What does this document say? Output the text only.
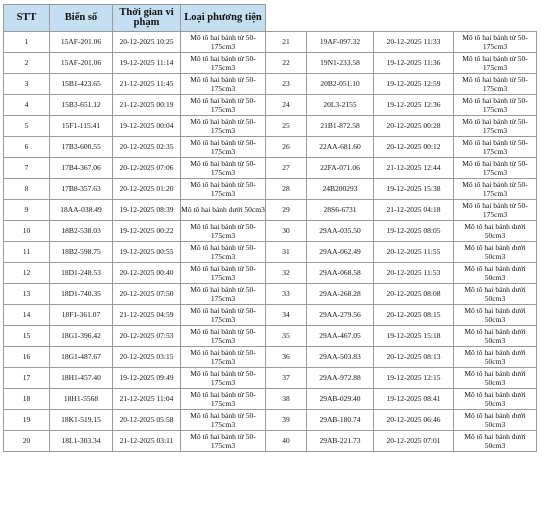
STT	Biển số	Thời gian vi phạm	Loại phương tiện				
1	15AF-201.06	20-12-2025 10:25	Mô tô hai bánh từ 50-175cm3	21	19AF-097.32	20-12-2025 11:33	Mô tô hai bánh từ 50-175cm3
2	15AF-201.06	19-12-2025 11:14	Mô tô hai bánh từ 50-175cm3	22	19N1-233.58	19-12-2025 11:36	Mô tô hai bánh từ 50-175cm3
3	15B1-423.65	21-12-2025 11:45	Mô tô hai bánh từ 50-175cm3	23	20B2-051.10	19-12-2025 12:59	Mô tô hai bánh từ 50-175cm3
4	15B3-651.12	21-12-2025 00:19	Mô tô hai bánh từ 50-175cm3	24	20L3-2155	19-12-2025 12:36	Mô tô hai bánh từ 50-175cm3
5	15F1-115.41	19-12-2025 00:04	Mô tô hai bánh từ 50-175cm3	25	21B1-872.58	20-12-2025 00:28	Mô tô hai bánh từ 50-175cm3
6	17B3-600.55	20-12-2025 02:35	Mô tô hai bánh từ 50-175cm3	26	22AA-681.60	20-12-2025 00:12	Mô tô hai bánh từ 50-175cm3
7	17B4-367.06	20-12-2025 07:06	Mô tô hai bánh từ 50-175cm3	27	22FA-071.06	21-12-2025 12:44	Mô tô hai bánh từ 50-175cm3
8	17B8-357.63	20-12-2025 01:20	Mô tô hai bánh từ 50-175cm3	28	24B200293	19-12-2025 15:38	Mô tô hai bánh từ 50-175cm3
9	18AA-038.49	19-12-2025 08:39	Mô tô hai bánh dưới 50cm3	29	28S6-6731	21-12-2025 04:18	Mô tô hai bánh từ 50-175cm3
10	18B2-538.03	19-12-2025 00:22	Mô tô hai bánh từ 50-175cm3	30	29AA-035.50	19-12-2025 08:05	Mô tô hai bánh dưới 50cm3
11	18B2-598.75	19-12-2025 00:55	Mô tô hai bánh từ 50-175cm3	31	29AA-062.49	20-12-2025 11:55	Mô tô hai bánh dưới 50cm3
12	18D1-248.53	20-12-2025 00:40	Mô tô hai bánh từ 50-175cm3	32	29AA-068.58	20-12-2025 11:53	Mô tô hai bánh dưới 50cm3
13	18D1-740.35	20-12-2025 07:50	Mô tô hai bánh từ 50-175cm3	33	29AA-268.28	20-12-2025 08:08	Mô tô hai bánh dưới 50cm3
14	18F1-361.07	21-12-2025 04:59	Mô tô hai bánh từ 50-175cm3	34	29AA-279.56	20-12-2025 08:15	Mô tô hai bánh dưới 50cm3
15	18G1-396.42	20-12-2025 07:53	Mô tô hai bánh từ 50-175cm3	35	29AA-467.05	19-12-2025 15:18	Mô tô hai bánh dưới 50cm3
16	18G1-487.67	20-12-2025 03:15	Mô tô hai bánh từ 50-175cm3	36	29AA-503.83	20-12-2025 08:13	Mô tô hai bánh dưới 50cm3
17	18H1-457.40	19-12-2025 09:49	Mô tô hai bánh từ 50-175cm3	37	29AA-972.88	19-12-2025 12:15	Mô tô hai bánh dưới 50cm3
18	18H1-5568	21-12-2025 11:04	Mô tô hai bánh từ 50-175cm3	38	29AB-029.40	19-12-2025 08:41	Mô tô hai bánh dưới 50cm3
19	18K1-519.15	20-12-2025 05:58	Mô tô hai bánh từ 50-175cm3	39	29AB-180.74	20-12-2025 06:46	Mô tô hai bánh dưới 50cm3
20	18L1-303.34	21-12-2025 03:11	Mô tô hai bánh từ 50-175cm3	40	29AB-221.73	20-12-2025 07:01	Mô tô hai bánh dưới 50cm3
